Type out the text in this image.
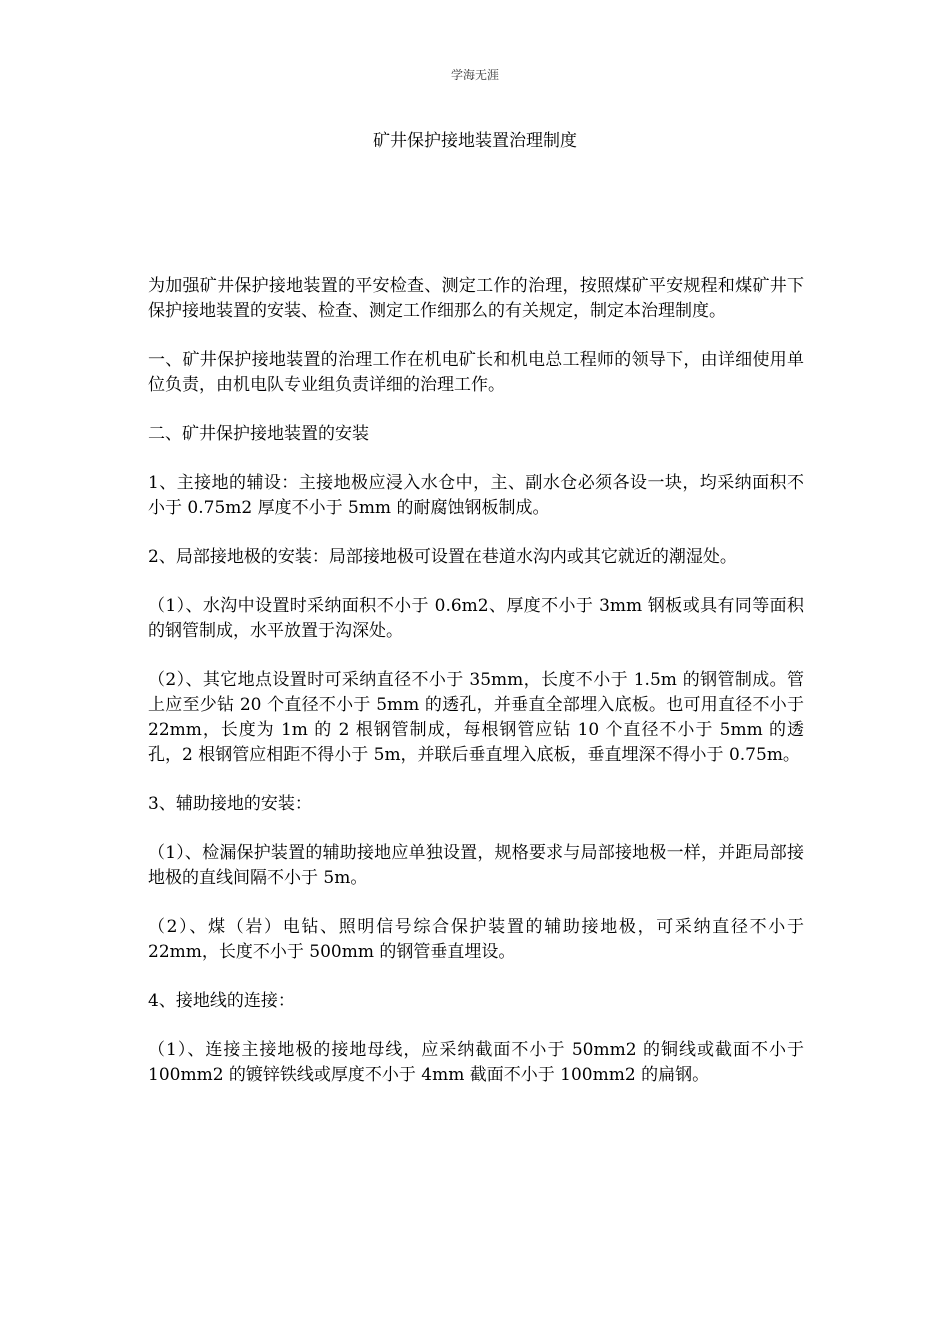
学海无涯
矿井保护接地装置治理制度

为加强矿井保护接地装置的平安检查、测定工作的治理，按照煤矿平安规程和煤矿井下保护接地装置的安装、检查、测定工作细那么的有关规定，制定本治理制度。

一、矿井保护接地装置的治理工作在机电矿长和机电总工程师的领导下，由详细使用单位负责，由机电队专业组负责详细的治理工作。

二、矿井保护接地装置的安装

1、主接地的辅设：主接地极应浸入水仓中，主、副水仓必须各设一块，均采纳面积不小于 0.75m2 厚度不小于 5mm 的耐腐蚀钢板制成。

2、局部接地极的安装：局部接地极可设置在巷道水沟内或其它就近的潮湿处。

（1）、水沟中设置时采纳面积不小于 0.6m2、厚度不小于 3mm 钢板或具有同等面积的钢管制成，水平放置于沟深处。

（2）、其它地点设置时可采纳直径不小于 35mm，长度不小于 1.5m 的钢管制成。管上应至少钻 20 个直径不小于 5mm 的透孔，并垂直全部埋入底板。也可用直径不小于 22mm，长度为 1m 的 2 根钢管制成，每根钢管应钻 10 个直径不小于 5mm 的透孔，2 根钢管应相距不得小于 5m，并联后垂直埋入底板，垂直埋深不得小于 0.75m。

3、辅助接地的安装：

（1）、检漏保护装置的辅助接地应单独设置，规格要求与局部接地极一样，并距局部接地极的直线间隔不小于 5m。

（2）、煤（岩）电钻、照明信号综合保护装置的辅助接地极，可采纳直径不小于 22mm，长度不小于 500mm 的钢管垂直埋设。

4、接地线的连接：

（1）、连接主接地极的接地母线，应采纳截面不小于 50mm2 的铜线或截面不小于 100mm2 的镀锌铁线或厚度不小于 4mm 截面不小于 100mm2 的扁钢。
